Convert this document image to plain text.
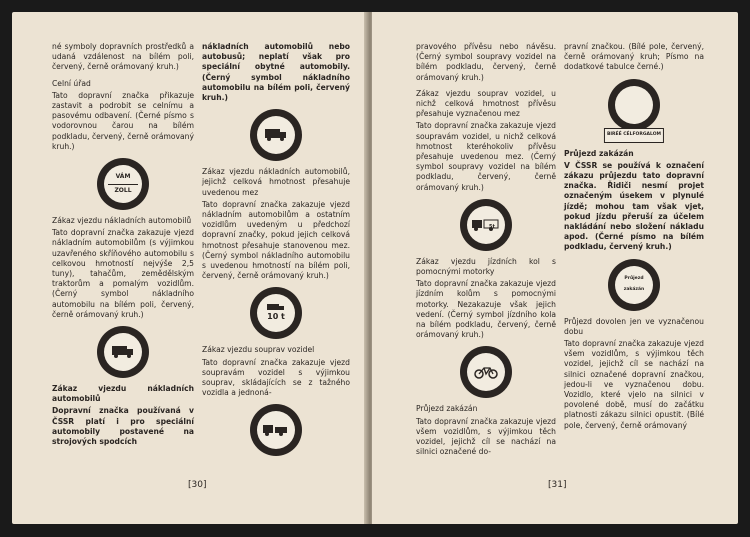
né symboly dopravních prostředků a udaná vzdálenost na bílém poli, červený, černě orámovaný kruh.)

Celní úřad

Tato dopravní značka přikazuje zastavit a podrobit se celnímu a pasovému odbavení. (Černé písmo s vodorovnou čarou na bílém podkladu, červený, černě orámovaný kruh.)

VÁM
ZOLL

Zákaz vjezdu nákladních automobilů

Tato dopravní značka zakazuje vjezd nákladním automobilům (s výjimkou uzavřeného skříňového automobilu s celkovou hmotností nejvýše 2,5 tuny), tahačům, zemědělským traktorům a pomalým vozidlům. (Černý symbol nákladního automobilu na bílém poli, červený, černě orámovaný kruh.)

Zákaz vjezdu nákladních automobilů

Dopravní značka používaná v ČSSR platí i pro speciální automobily postavené na strojových spodcích

nákladních automobilů nebo autobusů; neplatí však pro speciální obytné automobily. (Černý symbol nákladního automobilu na bílém poli, červený kruh.)

Zákaz vjezdu nákladních automobilů, jejichž celková hmotnost přesahuje uvedenou mez

Tato dopravní značka zakazuje vjezd nákladním automobilům a ostatním vozidlům uvedeným u předchozí dopravní značky, pokud jejich celková hmotnost přesahuje stanovenou mez. (Černý symbol nákladního automobilu s uvedenou hmotností na bílém poli, červený, černě orámovaný kruh.)

10 t

Zákaz vjezdu souprav vozidel

Tato dopravní značka zakazuje vjezd soupravám vozidel s výjimkou souprav, skládajících se z tažného vozidla a jednoná-

[30]

pravového přívěsu nebo návěsu. (Černý symbol soupravy vozidel na bílém podkladu, červený, černě orámovaný kruh.)

Zákaz vjezdu souprav vozidel, u nichž celková hmotnost přívěsu přesahuje vyznačenou mez

Tato dopravní značka zakazuje vjezd soupravám vozidel, u nichž celková hmotnost kteréhokoliv přívěsu přesahuje uvedenou mez. (Černý symbol soupravy vozidel na bílém podkladu, červený, černě orámovaný kruh.)

5t

Zákaz vjezdu jízdních kol s pomocnými motorky

Tato dopravní značka zakazuje vjezd jízdním kolům s pomocnými motorky. Nezakazuje však jejich vedení. (Černý symbol jízdního kola na bílém podkladu, červený, černě orámovaný kruh.)

Průjezd zakázán

Tato dopravní značka zakazuje vjezd všem vozidlům, s výjimkou těch vozidel, jejichž cíl se nachází na silnici označené do-

pravní značkou. (Bílé pole, červený, černě orámovaný kruh; Písmo na dodatkové tabulce černé.)

BIRÉÉ CÉLFORGALOM

Průjezd zakázán

V ČSSR se používá k označení zákazu průjezdu tato dopravní značka. Řidiči nesmí projet označeným úsekem v plynulé jízdě; mohou tam však vjet, pokud jízdu přeruší za účelem nakládání nebo složení nákladu apod. (Černé písmo na bílém podkladu, červený kruh.)

Průjezd zakázán

Průjezd dovolen jen ve vyznačenou dobu

Tato dopravní značka zakazuje vjezd všem vozidlům, s výjimkou těch vozidel, jejichž cíl se nachází na silnici označené dopravní značkou, jedou-li ve vyznačenou dobu. Vozidlo, které vjelo na silnici v povolené době, musí do začátku platnosti zákazu silnici opustit. (Bílé pole, červený, černě orámovaný

[31]
